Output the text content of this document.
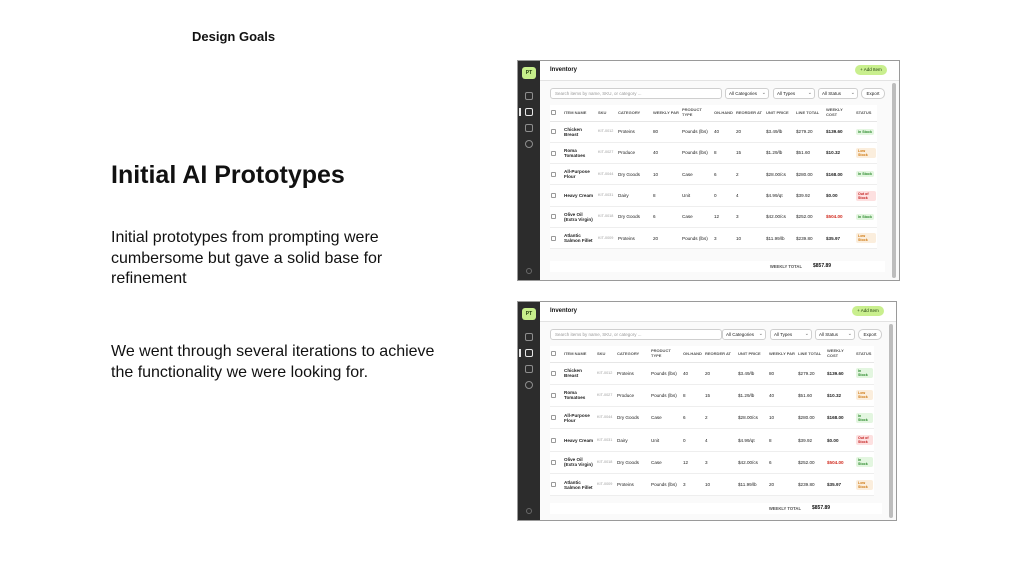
Design Goals
Initial AI Prototypes

Initial prototypes from prompting were cumbersome but gave a solid base for refinement

We went through several iterations to achieve the functionality we were looking for.

PT	Inventory	+ Add Item
Search items by name, SKU, or category ...	All Categories ⌄	All Types	⌄	All Status ⌄	Export
	ITEM NAME	SKU	CATEGORY	WEEKLY PAR	PRODUCT TYPE	ON-HAND	REORDER AT	UNIT PRICE	LINE TOTAL	WEEKLY COST	STATUS
	Chicken Breast	KIT-0012	Proteins	80	Pounds (lbs)	40	20	$3.49/lb	$279.20	$139.60	In Stock
	Roma Tomatoes	KIT-0027	Produce	40	Pounds (lbs)	8	15	$1.29/lb	$51.60	$10.32	Low Stock
	All-Purpose Flour	KIT-0044	Dry Goods	10	Case	6	2	$28.00/cs	$280.00	$168.00	In Stock
	Heavy Cream	KIT-0031	Dairy	8	Unit	0	4	$4.99/qt	$39.92	$0.00	Out of Stock
	Olive Oil (Extra Virgin)	KIT-0018	Dry Goods	6	Case	12	3	$42.00/cs	$252.00	$504.00	In Stock
	Atlantic Salmon Fillet	KIT-0009	Proteins	20	Pounds (lbs)	3	10	$11.99/lb	$239.80	$35.97	Low Stock
WEEKLY TOTAL $857.89
PT	Inventory	+ Add Item
Search items by name, SKU, or category ...	All Categories ⌄	All Types	⌄	All Status ⌄	Export
	ITEM NAME	SKU	CATEGORY	PRODUCT TYPE	ON-HAND	REORDER AT	UNIT PRICE	WEEKLY PAR	LINE TOTAL	WEEKLY COST	STATUS
	Chicken Breast	KIT-0012	Proteins	Pounds (lbs)	40	20	$3.49/lb	80	$279.20	$139.60	In Stock
	Roma Tomatoes	KIT-0027	Produce	Pounds (lbs)	8	15	$1.29/lb	40	$51.60	$10.32	Low Stock
	All-Purpose Flour	KIT-0044	Dry Goods	Case	6	2	$28.00/cs	10	$280.00	$168.00	In Stock
	Heavy Cream	KIT-0031	Dairy	Unit	0	4	$4.99/qt	8	$39.92	$0.00	Out of Stock
	Olive Oil (Extra Virgin)	KIT-0018	Dry Goods	Case	12	3	$42.00/cs	6	$252.00	$504.00	In Stock
	Atlantic Salmon Fillet	KIT-0009	Proteins	Pounds (lbs)	3	10	$11.99/lb	20	$239.80	$35.97	Low Stock
WEEKLY TOTAL $857.89
